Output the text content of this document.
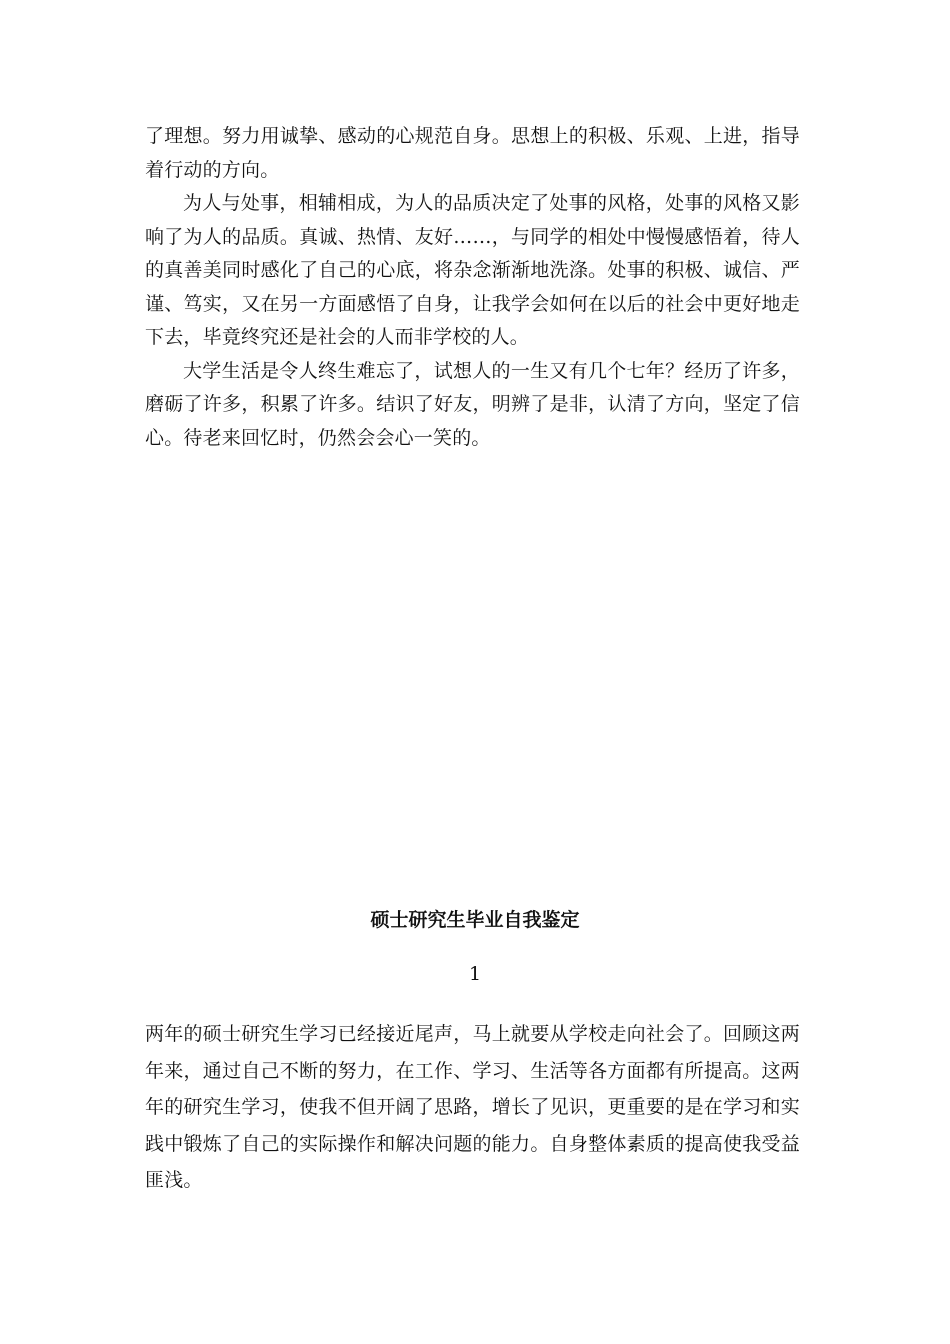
了理想。努力用诚挚、感动的心规范自身。思想上的积极、乐观、上进，指导着行动的方向。

为人与处事，相辅相成，为人的品质决定了处事的风格，处事的风格又影响了为人的品质。真诚、热情、友好……，与同学的相处中慢慢感悟着，待人的真善美同时感化了自己的心底，将杂念渐渐地洗涤。处事的积极、诚信、严谨、笃实，又在另一方面感悟了自身，让我学会如何在以后的社会中更好地走下去，毕竟终究还是社会的人而非学校的人。

大学生活是令人终生难忘了，试想人的一生又有几个七年？经历了许多，磨砺了许多，积累了许多。结识了好友，明辨了是非，认清了方向，坚定了信心。待老来回忆时，仍然会会心一笑的。

硕士研究生毕业自我鉴定

1

两年的硕士研究生学习已经接近尾声，马上就要从学校走向社会了。回顾这两年来，通过自己不断的努力，在工作、学习、生活等各方面都有所提高。这两年的研究生学习，使我不但开阔了思路，增长了见识，更重要的是在学习和实践中锻炼了自己的实际操作和解决问题的能力。自身整体素质的提高使我受益匪浅。
